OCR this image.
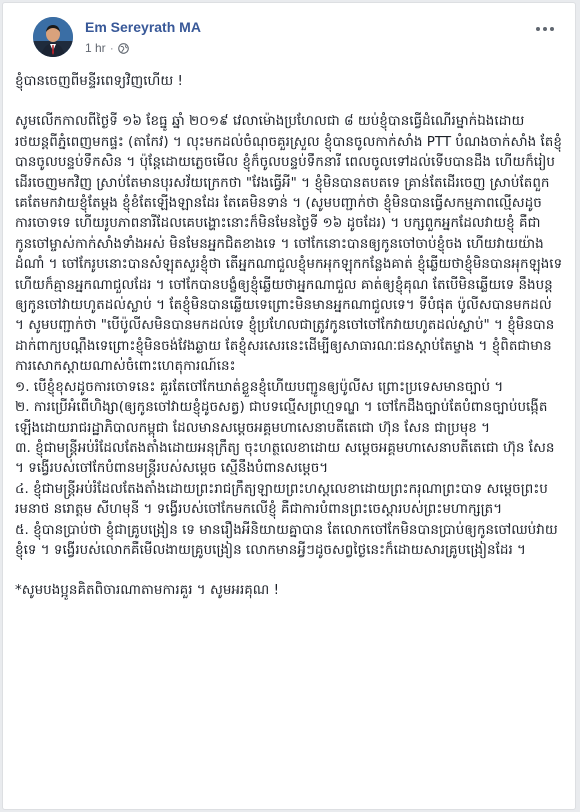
Em Sereyrath MA
1 hr ·

ខ្ញុំបានចេញពីមន្ទីរពេទ្យវិញហើយ !

សូមលើកកាលពីថ្ងៃទី ១៦ ខែធ្នូ ឆ្នាំ ២០១៩ វេលាម៉ោងប្រហែលជា ៨ យប់ខ្ញុំបានធ្វើដំណើរម្នាក់ឯងដោយរថយន្តពីភ្នំពេញមកផ្ទះ (តាកែវ) ។ លុះមកដល់ចំណុចគួរស្រួល ខ្ញុំបានចូលកាក់សាំង PTT បំណងចាក់សាំង តែខ្ញុំបានចូលបន្ទប់ទឹកសិន ។ ប៉ុន្តែដោយភ្លេចមើល ខ្ញុំក៏ចូលបន្ទប់ទឹកនារី ពេលចូលទៅដល់ទើបបានដឹង ហើយក៏រៀបដើរចេញមកវិញ ស្រាប់តែមានបុរសវ័យក្រេកថា "វែងធ្វើអី" ។ ខ្ញុំមិនបានតបតទេ គ្រាន់តែដើរចេញ ស្រាប់តែពួកគេតែមកវាយខ្ញុំតែម្តង ខ្ញុំខំតែឡើងឡានដែរ តែគេមិនទាន់ ។ (សូមបញ្ជាក់ថា ខ្ញុំមិនបានធ្វើសកម្មភាពល្មើសដូចការចោទទេ ហើយរូបភាពនារីដែលគេបង្ហោះនោះក៏មិនមែនថ្ងៃទី ១៦ ដូចដែរ) ។ បក្សពួកអ្នកដែលវាយខ្ញុំ គឺជាកូនចៅម្ចាស់កាក់សាំងទាំងអស់ មិនមែនអ្នកជិតខាងទេ ។ ចៅកែនោះបានឲ្យកូនចៅចាប់ខ្ញុំចង ហើយវាយយ៉ាងដំណាំ ។ ចៅកែរូបនោះបានសំឡុតសួរខ្ញុំថា តើអ្នកណាជួលខ្ញុំមកអុកឡុកកន្លែងគាត់ ខ្ញុំឆ្លើយថាខ្ញុំមិនបានអុកឡុងទេ ហើយក៏គ្មានអ្នកណាជួលដែរ ។ ចៅកែបានបង្ខំឲ្យខ្ញុំឆ្លើយថាអ្នកណាជួល គាត់ឲ្យខ្ញុំគុណ តែបើមិនឆ្លើយទេ នឹងបន្តឲ្យកូនចៅវាយហូតដល់ស្លាប់ ។ តែខ្ញុំមិនបានឆ្លើយទេព្រោះមិនមានអ្នកណាជួលទេ។ ទីបំផុត ប៉ូលីសបានមកដល់ ។ សូមបញ្ជាក់ថា "បើប៉ូលីសមិនបានមកដល់ទេ ខ្ញុំប្រហែលជាត្រូវកូនចៅចៅកែវាយហូតដល់ស្លាប់" ។ ខ្ញុំមិនបានដាក់ពាក្យបណ្តឹងទេព្រោះខ្ញុំមិនចង់វែងឆ្ងាយ តែខ្ញុំសរសេរនេះដើម្បីឲ្យសាធារណៈជនស្តាប់តែម្ខាង ។ ខ្ញុំពិតជាមានការសោកស្តាយណាស់ចំពោះហេតុការណ៍នេះ

១. បើខ្ញុំខុសដូចការចោទនេះ គួរតែចៅកែឃាត់ខ្លួនខ្ញុំហើយបញ្ជូនឲ្យប៉ូលីស ព្រោះប្រទេសមានច្បាប់ ។

២. ការប្រើអំពើហិង្សា(ឲ្យកូនចៅវាយខ្ញុំដូចសត្វ) ជាបទល្មើសព្រហ្មទណ្ឌ ។ ចៅកែដឹងច្បាប់តែបំពានច្បាប់បង្កើតឡើងដោយរាជរដ្ឋាភិបាលកម្ពុជា ដែលមានសម្តេចអគ្គមហាសេនាបតីតេជោ ហ៊ុន សែន ជាប្រមុខ ។

៣. ខ្ញុំជាមន្ត្រីអប់រំដែលតែងតាំងដោយអនុក្រឹត្យ ចុះហត្ថលេខាដោយ សម្តេចអគ្គមហាសេនាបតីតេជោ ហ៊ុន សែន ។ ទង្វើរបស់ចៅកែបំពានមន្ត្រីរបស់សម្តេច ស្មើនឹងបំពានសម្តេច។

៤. ខ្ញុំជាមន្ត្រីអប់រំដែលតែងតាំងដោយព្រះរាជក្រឹត្យឡាយព្រះហស្តលេខាដោយព្រះករុណាព្រះបាទ សម្តេចព្រះបរមនាថ នរោត្តម សីហមុនី ។ ទង្វើរបស់ចៅកែមកលើខ្ញុំ គឺជាការបំពានព្រះចេស្តារបស់ព្រះមហាក្សត្រ។

៥. ខ្ញុំបានប្រាប់ថា ខ្ញុំជាគ្រូបង្រៀន ទេ មានរឿងអីនិយាយគ្នាបាន តែលោកចៅកែមិនបានប្រាប់ឲ្យកូនចៅឈប់វាយខ្ញុំទេ ។ ទង្វើរបស់លោកគឺមើលងាយគ្រូបង្រៀន លោកមានអ្វីៗដូចសព្វថ្ងៃនេះក៏ដោយសារគ្រូបង្រៀនដែរ ។

*សូមបងប្អូនគិតពិចារណាតាមការគួរ ។ សូមអរគុណ !
